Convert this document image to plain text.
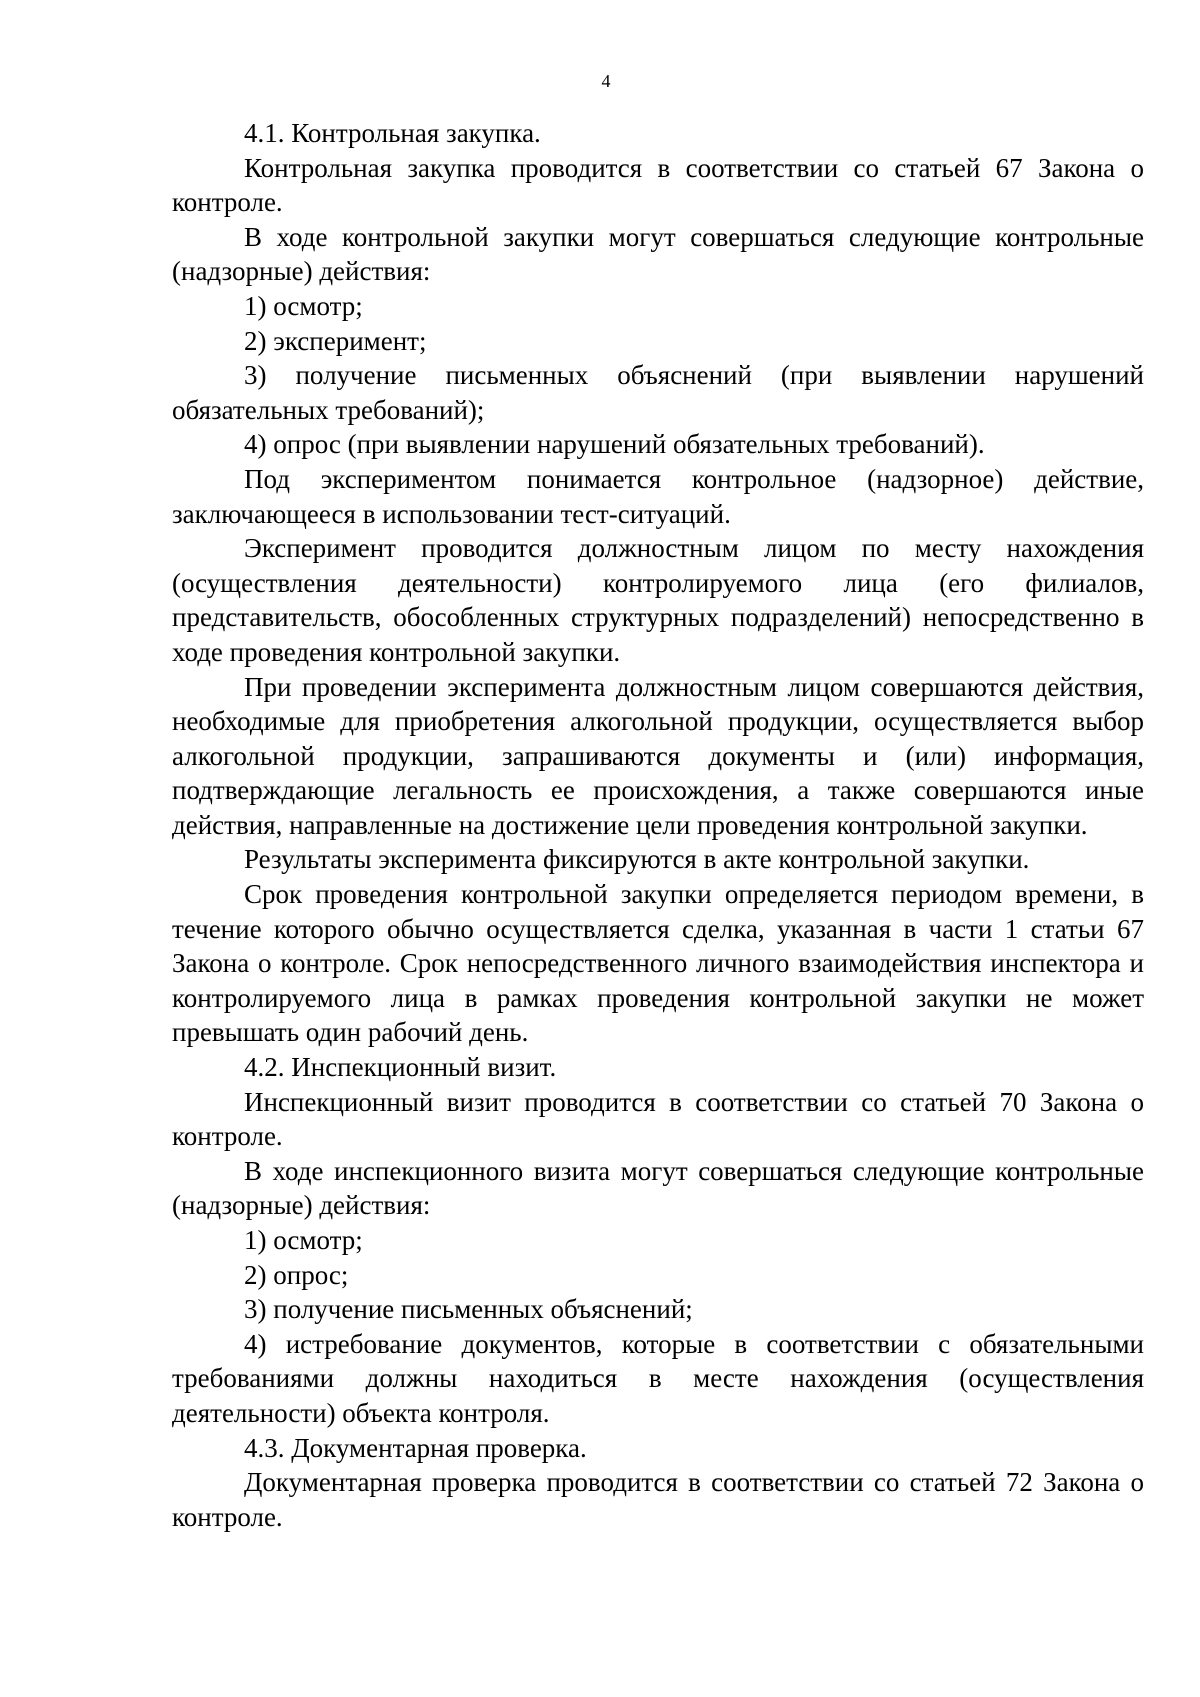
4

4.1. Контрольная закупка.

Контрольная закупка проводится в соответствии со статьей 67 Закона о контроле.

В ходе контрольной закупки могут совершаться следующие контрольные (надзорные) действия:

1) осмотр;

2) эксперимент;

3) получение письменных объяснений (при выявлении нарушений обязательных требований);

4) опрос (при выявлении нарушений обязательных требований).

Под экспериментом понимается контрольное (надзорное) действие, заключающееся в использовании тест-ситуаций.

Эксперимент проводится должностным лицом по месту нахождения (осуществления деятельности) контролируемого лица (его филиалов, представительств, обособленных структурных подразделений) непосредственно в ходе проведения контрольной закупки.

При проведении эксперимента должностным лицом совершаются действия, необходимые для приобретения алкогольной продукции, осуществляется выбор алкогольной продукции, запрашиваются документы и (или) информация, подтверждающие легальность ее происхождения, а также совершаются иные действия, направленные на достижение цели проведения контрольной закупки.

Результаты эксперимента фиксируются в акте контрольной закупки.

Срок проведения контрольной закупки определяется периодом времени, в течение которого обычно осуществляется сделка, указанная в части 1 статьи 67 Закона о контроле. Срок непосредственного личного взаимодействия инспектора и контролируемого лица в рамках проведения контрольной закупки не может превышать один рабочий день.

4.2. Инспекционный визит.

Инспекционный визит проводится в соответствии со статьей 70 Закона о контроле.

В ходе инспекционного визита могут совершаться следующие контрольные (надзорные) действия:

1) осмотр;

2) опрос;

3) получение письменных объяснений;

4) истребование документов, которые в соответствии с обязательными требованиями должны находиться в месте нахождения (осуществления деятельности) объекта контроля.

4.3. Документарная проверка.

Документарная проверка проводится в соответствии со статьей 72 Закона о контроле.
